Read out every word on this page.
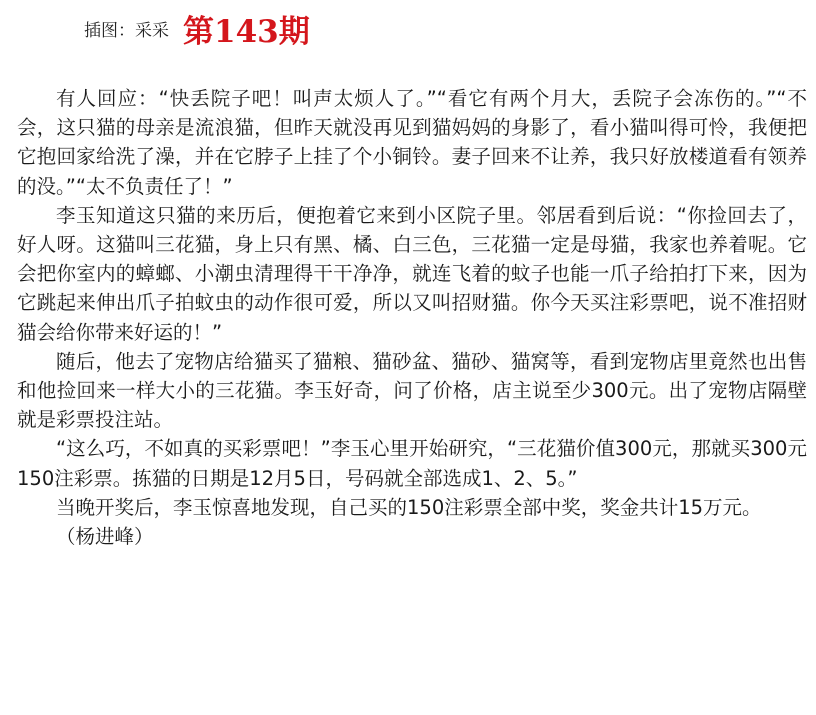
插图：采采 第143期

有人回应：“快丢院子吧！叫声太烦人了。”“看它有两个月大，丢院子会冻伤的。”“不会，这只猫的母亲是流浪猫，但昨天就没再见到猫妈妈的身影了，看小猫叫得可怜，我便把它抱回家给洗了澡，并在它脖子上挂了个小铜铃。妻子回来不让养，我只好放楼道看有领养的没。”“太不负责任了！”

李玉知道这只猫的来历后，便抱着它来到小区院子里。邻居看到后说：“你捡回去了，好人呀。这猫叫三花猫，身上只有黑、橘、白三色，三花猫一定是母猫，我家也养着呢。它会把你室内的蟑螂、小潮虫清理得干干净净，就连飞着的蚊子也能一爪子给拍打下来，因为它跳起来伸出爪子拍蚊虫的动作很可爱，所以又叫招财猫。你今天买注彩票吧，说不准招财猫会给你带来好运的！”

随后，他去了宠物店给猫买了猫粮、猫砂盆、猫砂、猫窝等，看到宠物店里竟然也出售和他捡回来一样大小的三花猫。李玉好奇，问了价格，店主说至少300元。出了宠物店隔壁就是彩票投注站。

“这么巧，不如真的买彩票吧！”李玉心里开始研究，“三花猫价值300元，那就买300元150注彩票。拣猫的日期是12月5日，号码就全部选成1、2、5。”

当晚开奖后，李玉惊喜地发现，自己买的150注彩票全部中奖，奖金共计15万元。

（杨进峰）
